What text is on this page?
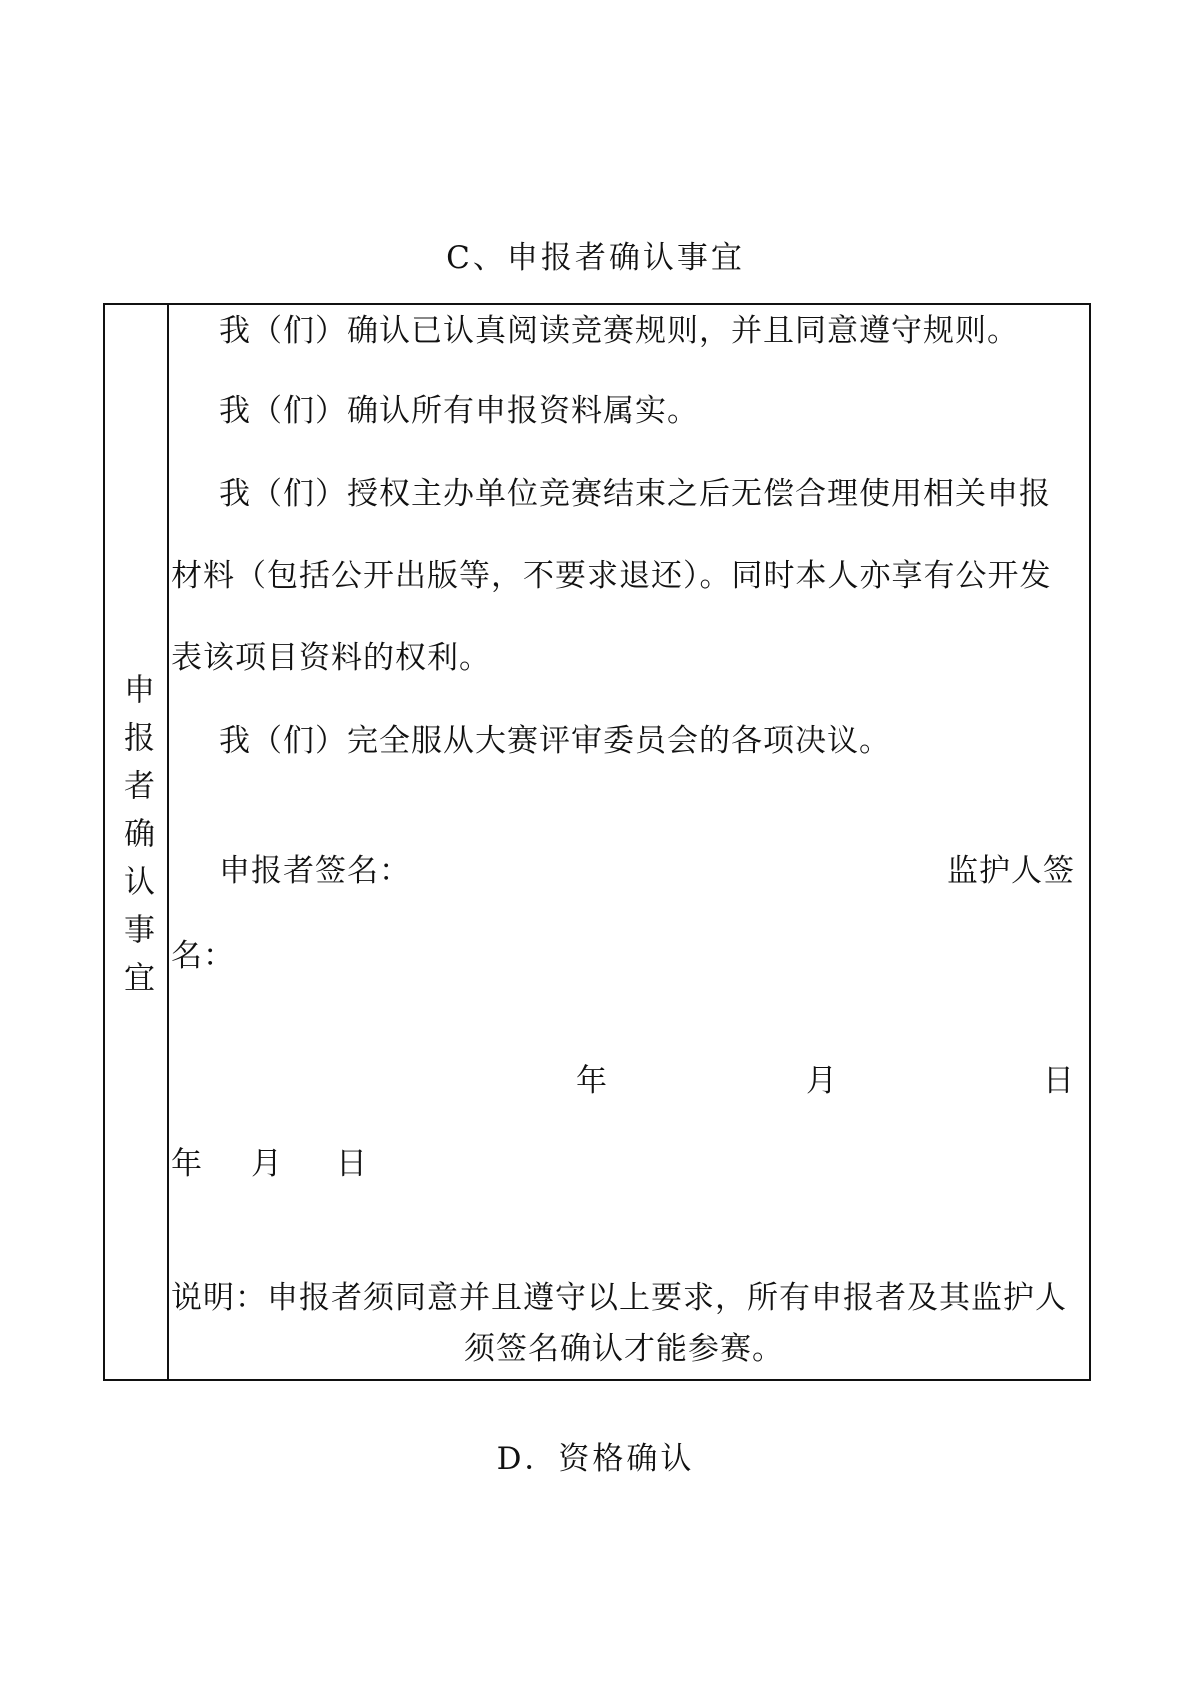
C、申报者确认事宜
申报者确认事宜
我（们）确认已认真阅读竞赛规则，并且同意遵守规则。
我（们）确认所有申报资料属实。
我（们）授权主办单位竞赛结束之后无偿合理使用相关申报
材料（包括公开出版等，不要求退还）。同时本人亦享有公开发
表该项目资料的权利。
我（们）完全服从大赛评审委员会的各项决议。
申报者签名：	监护人签
名：
年	月	日
年 月 日
说明：申报者须同意并且遵守以上要求，所有申报者及其监护人
须签名确认才能参赛。
D．资格确认
